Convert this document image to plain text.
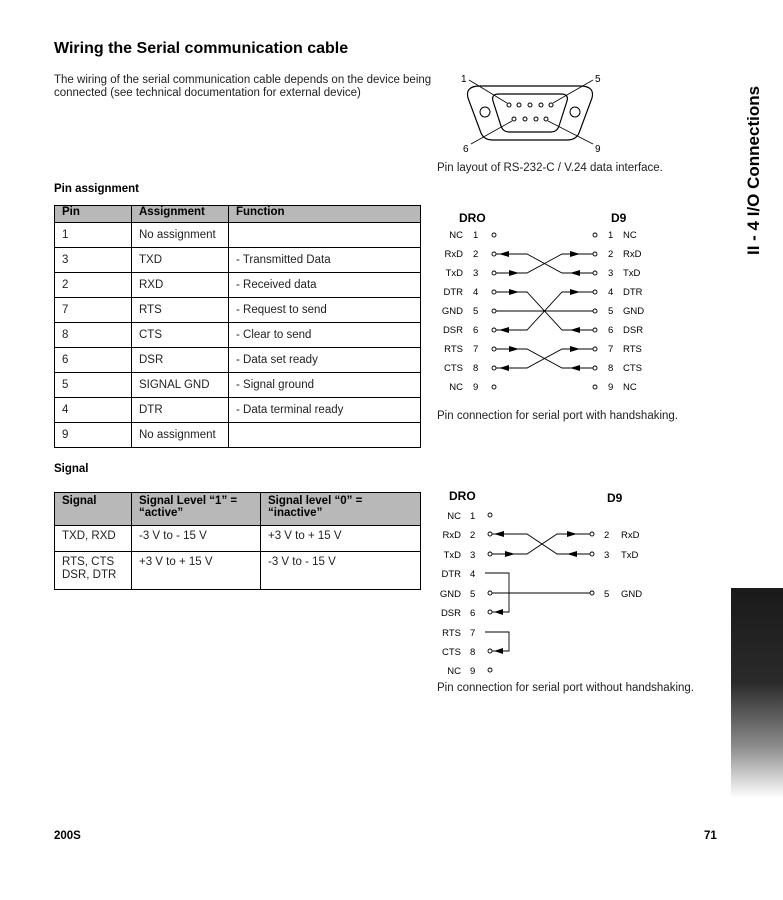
Wiring the Serial communication cable
The wiring of the serial communication cable depends on the device being connected (see technical documentation for external device)	II - 4 I/O Connections
Pin assignment
Pin	Assignment	Function
1	No assignment	
3	TXD	- Transmitted Data
2	RXD	- Received data
7	RTS	- Request to send
8	CTS	- Clear to send
6	DSR	- Data set ready
5	SIGNAL GND	- Signal ground
4	DTR	- Data terminal ready
9	No assignment	
Signal
Signal	Signal Level “1” = “active”	Signal level “0” = “inactive”
TXD, RXD	-3 V to - 15 V	+3 V to + 15 V
RTS, CTS DSR, DTR	+3 V to + 15 V	-3 V to - 15 V
1	5
6	9
Pin layout of RS-232-C / V.24 data interface.
DRO	D9
NC 1
RxD 2
TxD 3
DTR 4
GND 5
DSR 6
RTS 7
CTS 8
NC 9
1 NC
2 RxD
3 TxD
4 DTR
5 GND
6 DSR
7 RTS
8 CTS
9 NC
Pin connection for serial port with handshaking.
DRO	D9
NC 1
RxD 2
TxD 3
DTR 4
GND 5
DSR 6
RTS 7
CTS 8
NC 9
2 RxD
3 TxD
5 GND
Pin connection for serial port without handshaking.
200S	71
